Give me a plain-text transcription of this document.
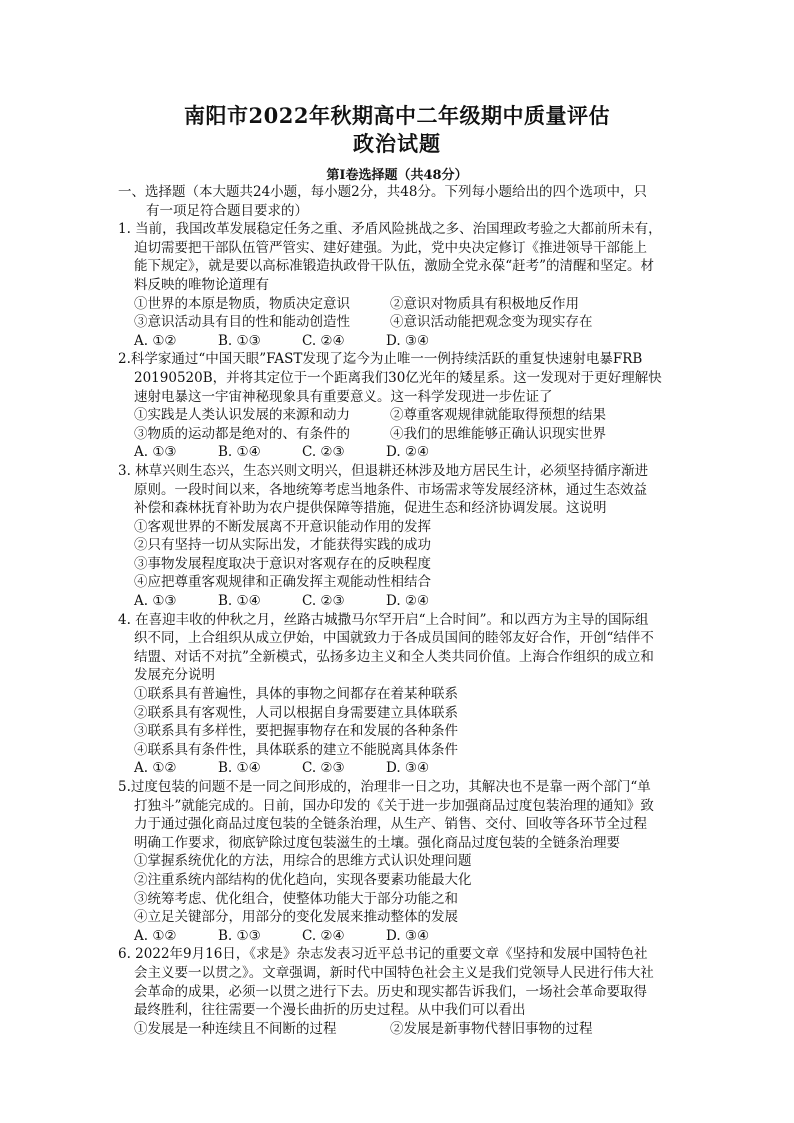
南阳市2022年秋期高中二年级期中质量评估
政治试题
第Ⅰ卷选择题（共48分）
一、选择题（本大题共24小题，每小题2分，共48分。下列每小题给出的四个选项中，只
有一项足符合题目要求的）
1. 当前，我国改革发展稳定任务之重、矛盾风险挑战之多、治国理政考验之大都前所未有，
迫切需要把干部队伍管严管实、建好建强。为此，党中央决定修订《推进领导干部能上
能下规定》，就是要以高标准锻造执政骨干队伍，激励全党永葆“赶考”的清醒和坚定。材
料反映的唯物论道理有
①世界的本原是物质，物质决定意识	②意识对物质具有积极地反作用
③意识活动具有目的性和能动创造性	④意识活动能把观念变为现实存在
A. ①②	B. ①③	C. ②④	D. ③④
2.科学家通过“中国天眼”FAST发现了迄今为止唯一一例持续活跃的重复快速射电暴FRB
20190520B，并将其定位于一个距离我们30亿光年的矮星系。这一发现对于更好理解快
速射电暴这一宇宙神秘现象具有重要意义。这一科学发现进一步佐证了
①实践是人类认识发展的来源和动力	②尊重客观规律就能取得预想的结果
③物质的运动都是绝对的、有条件的	④我们的思维能够正确认识现实世界
A. ①③	B. ①④	C. ②③	D. ②④
3. 林草兴则生态兴，生态兴则文明兴，但退耕还林涉及地方居民生计，必须坚持循序渐进
原则。一段时间以来，各地统筹考虑当地条件、市场需求等发展经济林，通过生态效益
补偿和森林抚育补助为农户提供保障等措施，促进生态和经济协调发展。这说明
①客观世界的不断发展离不开意识能动作用的发挥
②只有坚持一切从实际出发，才能获得实践的成功
③事物发展程度取决于意识对客观存在的反映程度
④应把尊重客观规律和正确发挥主观能动性相结合
A. ①③	B. ①④	C. ②③	D. ②④
4. 在喜迎丰收的仲秋之月，丝路古城撒马尔罕开启“上合时间”。和以西方为主导的国际组
织不同，上合组织从成立伊始，中国就致力于各成员国间的睦邻友好合作，开创“结伴不
结盟、对话不对抗”全新模式，弘扬多边主义和全人类共同价值。上海合作组织的成立和
发展充分说明
①联系具有普遍性，具体的事物之间都存在着某种联系
②联系具有客观性，人司以根据自身需要建立具体联系
③联系具有多样性，要把握事物存在和发展的各种条件
④联系具有条件性，具体联系的建立不能脱离具体条件
A. ①②	B. ①④	C. ②③	D. ③④
5.过度包装的问题不是一同之间形成的，治理非一日之功，其解决也不是靠一两个部门“单
打独斗”就能完成的。日前，国办印发的《关于进一步加强商品过度包装治理的通知》致
力于通过强化商品过度包装的全链条治理，从生产、销售、交付、回收等各环节全过程
明确工作要求，彻底铲除过度包装滋生的土壤。强化商品过度包装的全链条治理要
①掌握系统优化的方法，用综合的思维方式认识处理问题
②注重系统内部结构的优化趋向，实现各要素功能最大化
③统筹考虑、优化组合，使整体功能大于部分功能之和
④立足关键部分，用部分的变化发展来推动整体的发展
A. ①②	B. ①③	C. ②④	D. ③④
6. 2022年9月16日，《求是》杂志发表习近平总书记的重要文章《坚持和发展中国特色社
会主义要一以贯之》。文章强调，新时代中国特色社会主义是我们党领导人民进行伟大社
会革命的成果，必须一以贯之进行下去。历史和现实都告诉我们，一场社会革命要取得
最终胜利，往往需要一个漫长曲折的历史过程。从中我们可以看出
①发展是一种连续且不间断的过程	②发展是新事物代替旧事物的过程
